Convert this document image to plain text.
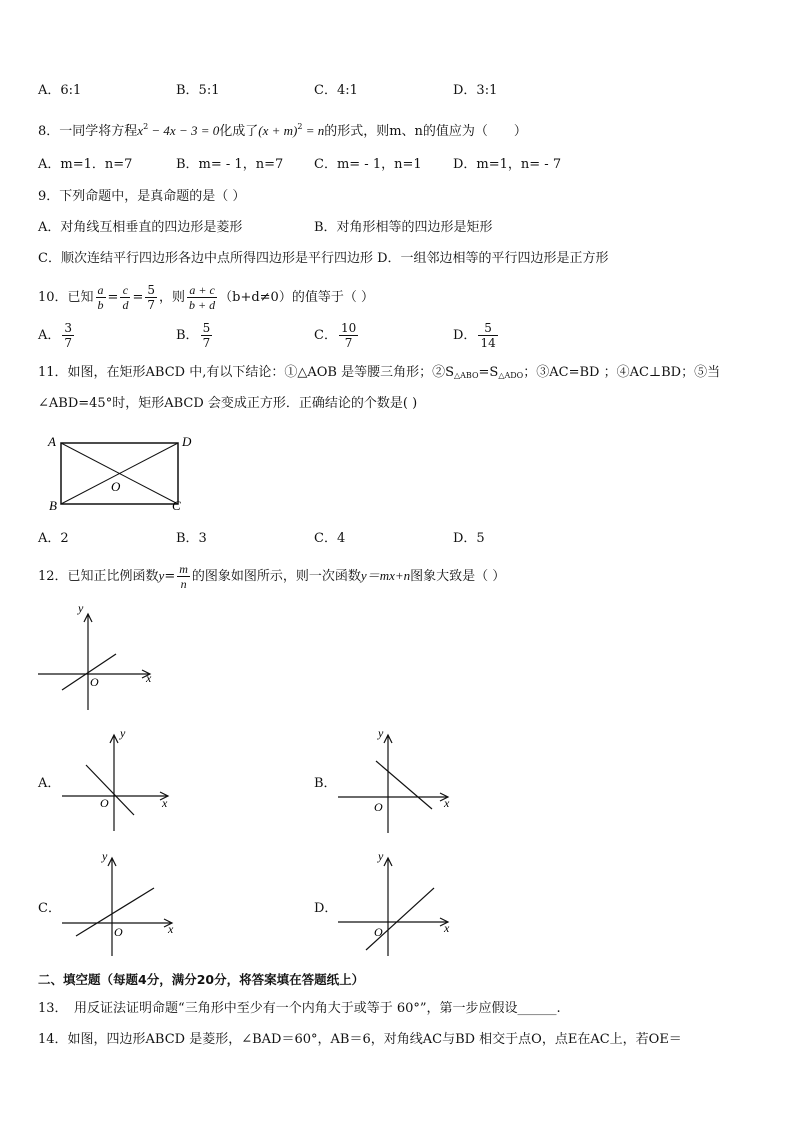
A．6:1	B．5:1	C．4:1	D．3:1
8．一同学将方程$x^2 - 4x - 3 = 0$化成了$(x + m)^2 = n$的形式，则m、n的值应为（　　）
A．m=1．n=7	B．m= - 1，n=7 C．m= - 1，n=1 D．m=1，n= - 7
9．下列命题中，是真命题的是（ ）
A．对角线互相垂直的四边形是菱形	B．对角形相等的四边形是矩形
C．顺次连结平行四边形各边中点所得四边形是平行四边形 D．一组邻边相等的平行四边形是正方形
10．已知 $\frac{a}{b} = \frac{c}{d} = \frac{5}{7}$ ，则 $\frac{a + c}{b + d} (b+d\ne 0)$的值等于（ ）
A． $\frac{3}{7}$	B． $\frac{5}{7}$	C． $\frac{10}{7}$	D． $\frac{5}{14}$
11．如图，在矩形ABCD 中,有以下结论：①△AOB 是等腰三角形；$②S_{\triangle ABO}=S_{\triangle ADO}$；③AC=BD ；④AC⊥BD；⑤当
∠ABD=45°时，矩形ABCD 会变成正方形．正确结论的个数是( )
A	D
B	C
O
A．2	B．3	C．4	D．5
12．已知正比例函数$y= \frac{m}{n}$ 的图象如图所示，则一次函数y＝mx+n图象大致是（ ）
x
y
O
A．
x
y
O
B．
x
y
O
C．
x
y
O
D．
x
y
O
二、填空题（每题4分，满分20分，将答案填在答题纸上）
13．　用反证法证明命题“三角形中至少有一个内角大于或等于 60°”，第一步应假设______.
14．如图，四边形ABCD 是菱形，∠BAD＝60°，AB＝6，对角线AC与BD 相交于点O，点E在AC上，若OE＝
